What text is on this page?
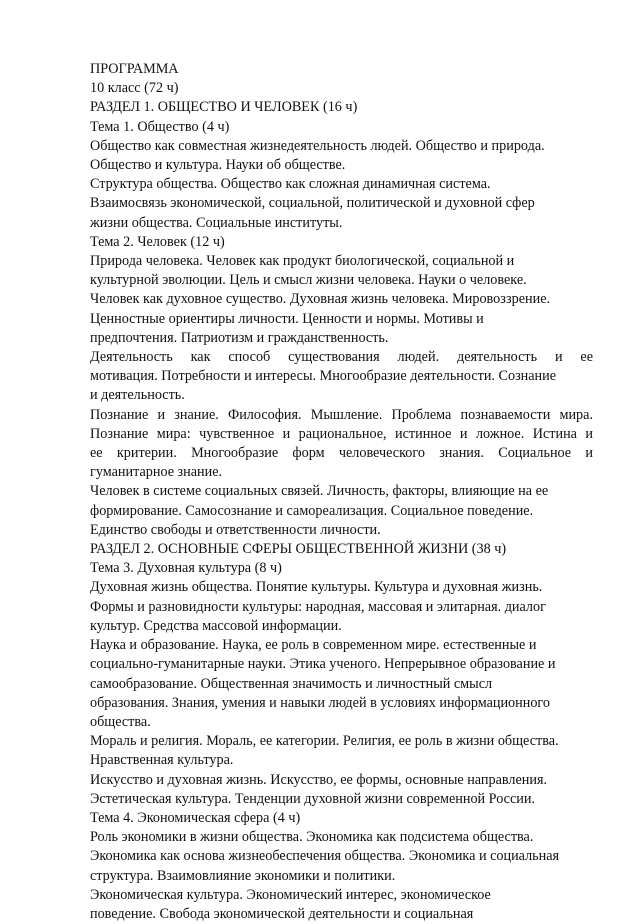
ПРОГРАММА
10 класс (72 ч)
РАЗДЕЛ 1. ОБЩЕСТВО И ЧЕЛОВЕК (16 ч)
Тема 1. Общество (4 ч)
Общество как совместная жизнедеятельность людей. Общество и природа.
Общество и культура. Науки об обществе.
Структура общества. Общество как сложная динамичная система.
Взаимосвязь экономической, социальной, политической и духовной сфер
жизни общества. Социальные институты.
Тема 2. Человек (12 ч)
Природа человека. Человек как продукт биологической, социальной и
культурной эволюции. Цель и смысл жизни человека. Науки о человеке.
Человек как духовное существо. Духовная жизнь человека. Мировоззрение.
Ценностные ориентиры личности. Ценности и нормы. Мотивы и
предпочтения. Патриотизм и гражданственность.
Деятельность как способ существования людей. деятельность и ее
мотивация. Потребности и интересы. Многообразие деятельности. Сознание
и деятельность.
Познание и знание. Философия. Мышление. Проблема познаваемости мира.
Познание мира: чувственное и рациональное, истинное и ложное. Истина и
ее критерии. Многообразие форм человеческого знания. Социальное и
гуманитарное знание.
Человек в системе социальных связей. Личность, факторы, влияющие на ее
формирование. Самосознание и самореализация. Социальное поведение.
Единство свободы и ответственности личности.
РАЗДЕЛ 2. ОСНОВНЫЕ СФЕРЫ ОБЩЕСТВЕННОЙ ЖИЗНИ (38 ч)
Тема 3. Духовная культура (8 ч)
Духовная жизнь общества. Понятие культуры. Культура и духовная жизнь.
Формы и разновидности культуры: народная, массовая и элитарная. диалог
культур. Средства массовой информации.
Наука и образование. Наука, ее роль в современном мире. естественные и
социально-гуманитарные науки. Этика ученого. Непрерывное образование и
самообразование. Общественная значимость и личностный смысл
образования. Знания, умения и навыки людей в условиях информационного
общества.
Мораль и религия. Мораль, ее категории. Религия, ее роль в жизни общества.
Нравственная культура.
Искусство и духовная жизнь. Искусство, ее формы, основные направления.
Эстетическая культура. Тенденции духовной жизни современной России.
Тема 4. Экономическая сфера (4 ч)
Роль экономики в жизни общества. Экономика как подсистема общества.
Экономика как основа жизнеобеспечения общества. Экономика и социальная
структура. Взаимовлияние экономики и политики.
Экономическая культура. Экономический интерес, экономическое
поведение. Свобода экономической деятельности и социальная
